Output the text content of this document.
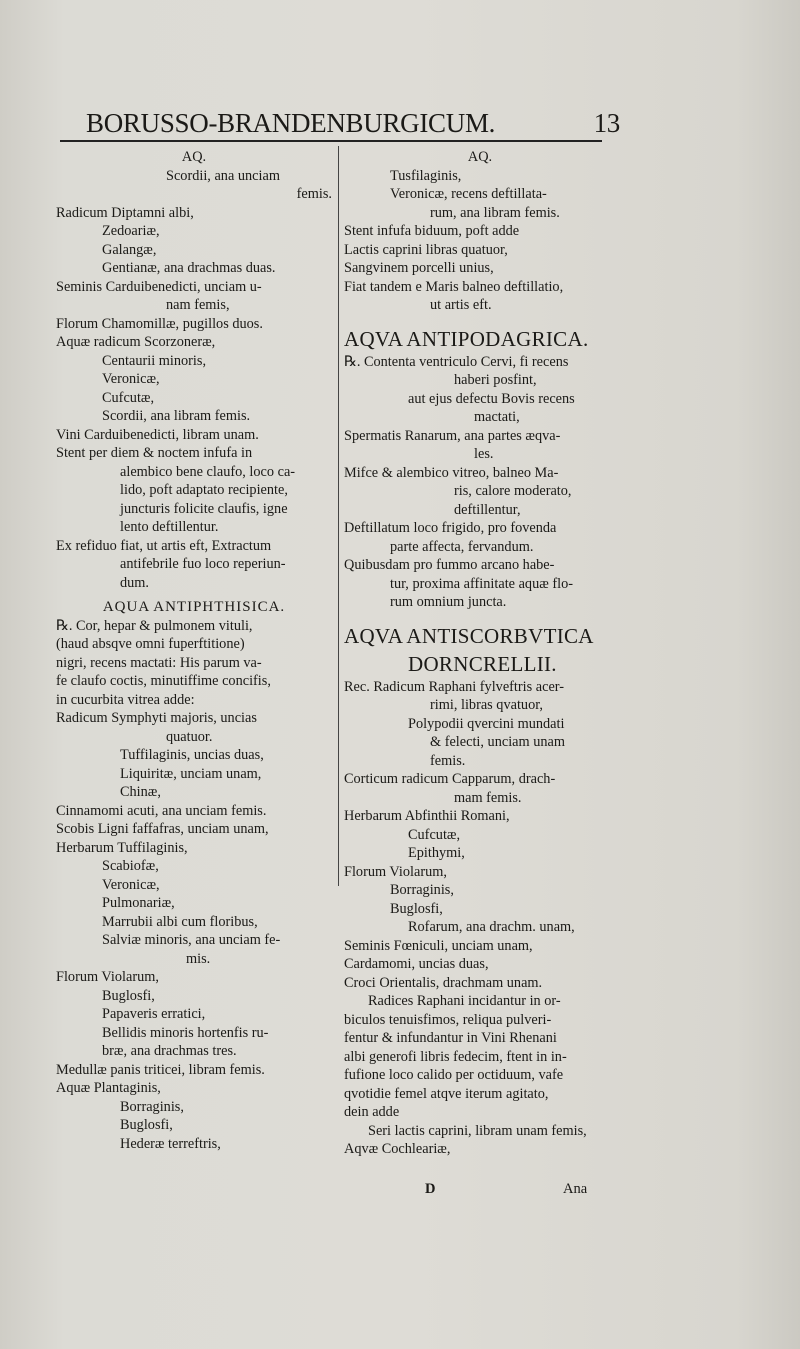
BORUSSO-BRANDENBURGICUM.	13
AQ.
Scordii, ana unciam
femis.
Radicum Diptamni albi,
Zedoariæ,
Galangæ,
Gentianæ, ana drachmas duas.
Seminis Carduibenedicti, unciam u-
nam femis,
Florum Chamomillæ, pugillos duos.
Aquæ radicum Scorzoneræ,
Centaurii minoris,
Veronicæ,
Cufcutæ,
Scordii, ana libram femis.
Vini Carduibenedicti, libram unam.
Stent per diem & noctem infufa in
alembico bene claufo, loco ca-
lido, poft adaptato recipiente,
juncturis folicite claufis, igne
lento deftillentur.
Ex refiduo fiat, ut artis eft, Extractum
antifebrile fuo loco reperiun-
dum.
AQUA ANTIPHTHISICA.
℞. Cor, hepar & pulmonem vituli,
(haud absqve omni fuperftitione)
nigri, recens mactati: His parum va-
fe claufo coctis, minutiffime concifis,
in cucurbita vitrea adde:
Radicum Symphyti majoris, uncias
quatuor.
Tuffilaginis, uncias duas,
Liquiritæ, unciam unam,
Chinæ,
Cinnamomi acuti, ana unciam femis.
Scobis Ligni faffafras, unciam unam,
Herbarum Tuffilaginis,
Scabiofæ,
Veronicæ,
Pulmonariæ,
Marrubii albi cum floribus,
Salviæ minoris, ana unciam fe-
mis.
Florum Violarum,
Buglosfi,
Papaveris erratici,
Bellidis minoris hortenfis ru-
bræ, ana drachmas tres.
Medullæ panis triticei, libram femis.
Aquæ Plantaginis,
Borraginis,
Buglosfi,
Hederæ terreftris,
AQ.
Tusfilaginis,
Veronicæ, recens deftillata-
rum, ana libram femis.
Stent infufa biduum, poft adde
Lactis caprini libras quatuor,
Sangvinem porcelli unius,
Fiat tandem e Maris balneo deftillatio,
ut artis eft.
AQVA ANTIPODAGRICA.
℞. Contenta ventriculo Cervi, fi recens
haberi posfint,
aut ejus defectu Bovis recens
mactati,
Spermatis Ranarum, ana partes æqva-
les.
Mifce & alembico vitreo, balneo Ma-
ris, calore moderato,
deftillentur,
Deftillatum loco frigido, pro fovenda
parte affecta, fervandum.
Quibusdam pro fummo arcano habe-
tur, proxima affinitate aquæ flo-
rum omnium juncta.
AQVA ANTISCORBVTICA
DORNCRELLII.
Rec. Radicum Raphani fylveftris acer-
rimi, libras qvatuor,
Polypodii qvercini mundati
& felecti, unciam unam
femis.
Corticum radicum Capparum, drach-
mam femis.
Herbarum Abfinthii Romani,
Cufcutæ,
Epithymi,
Florum Violarum,
Borraginis,
Buglosfi,
Rofarum, ana drachm. unam,
Seminis Fœniculi, unciam unam,
Cardamomi, uncias duas,
Croci Orientalis, drachmam unam.
Radices Raphani incidantur in or-
biculos tenuisfimos, reliqua pulveri-
fentur & infundantur in Vini Rhenani
albi generofi libris fedecim, ftent in in-
fufione loco calido per octiduum, vafe
qvotidie femel atqve iterum agitato,
dein adde
Seri lactis caprini, libram unam femis,
Aqvæ Cochleariæ,
D	Ana
